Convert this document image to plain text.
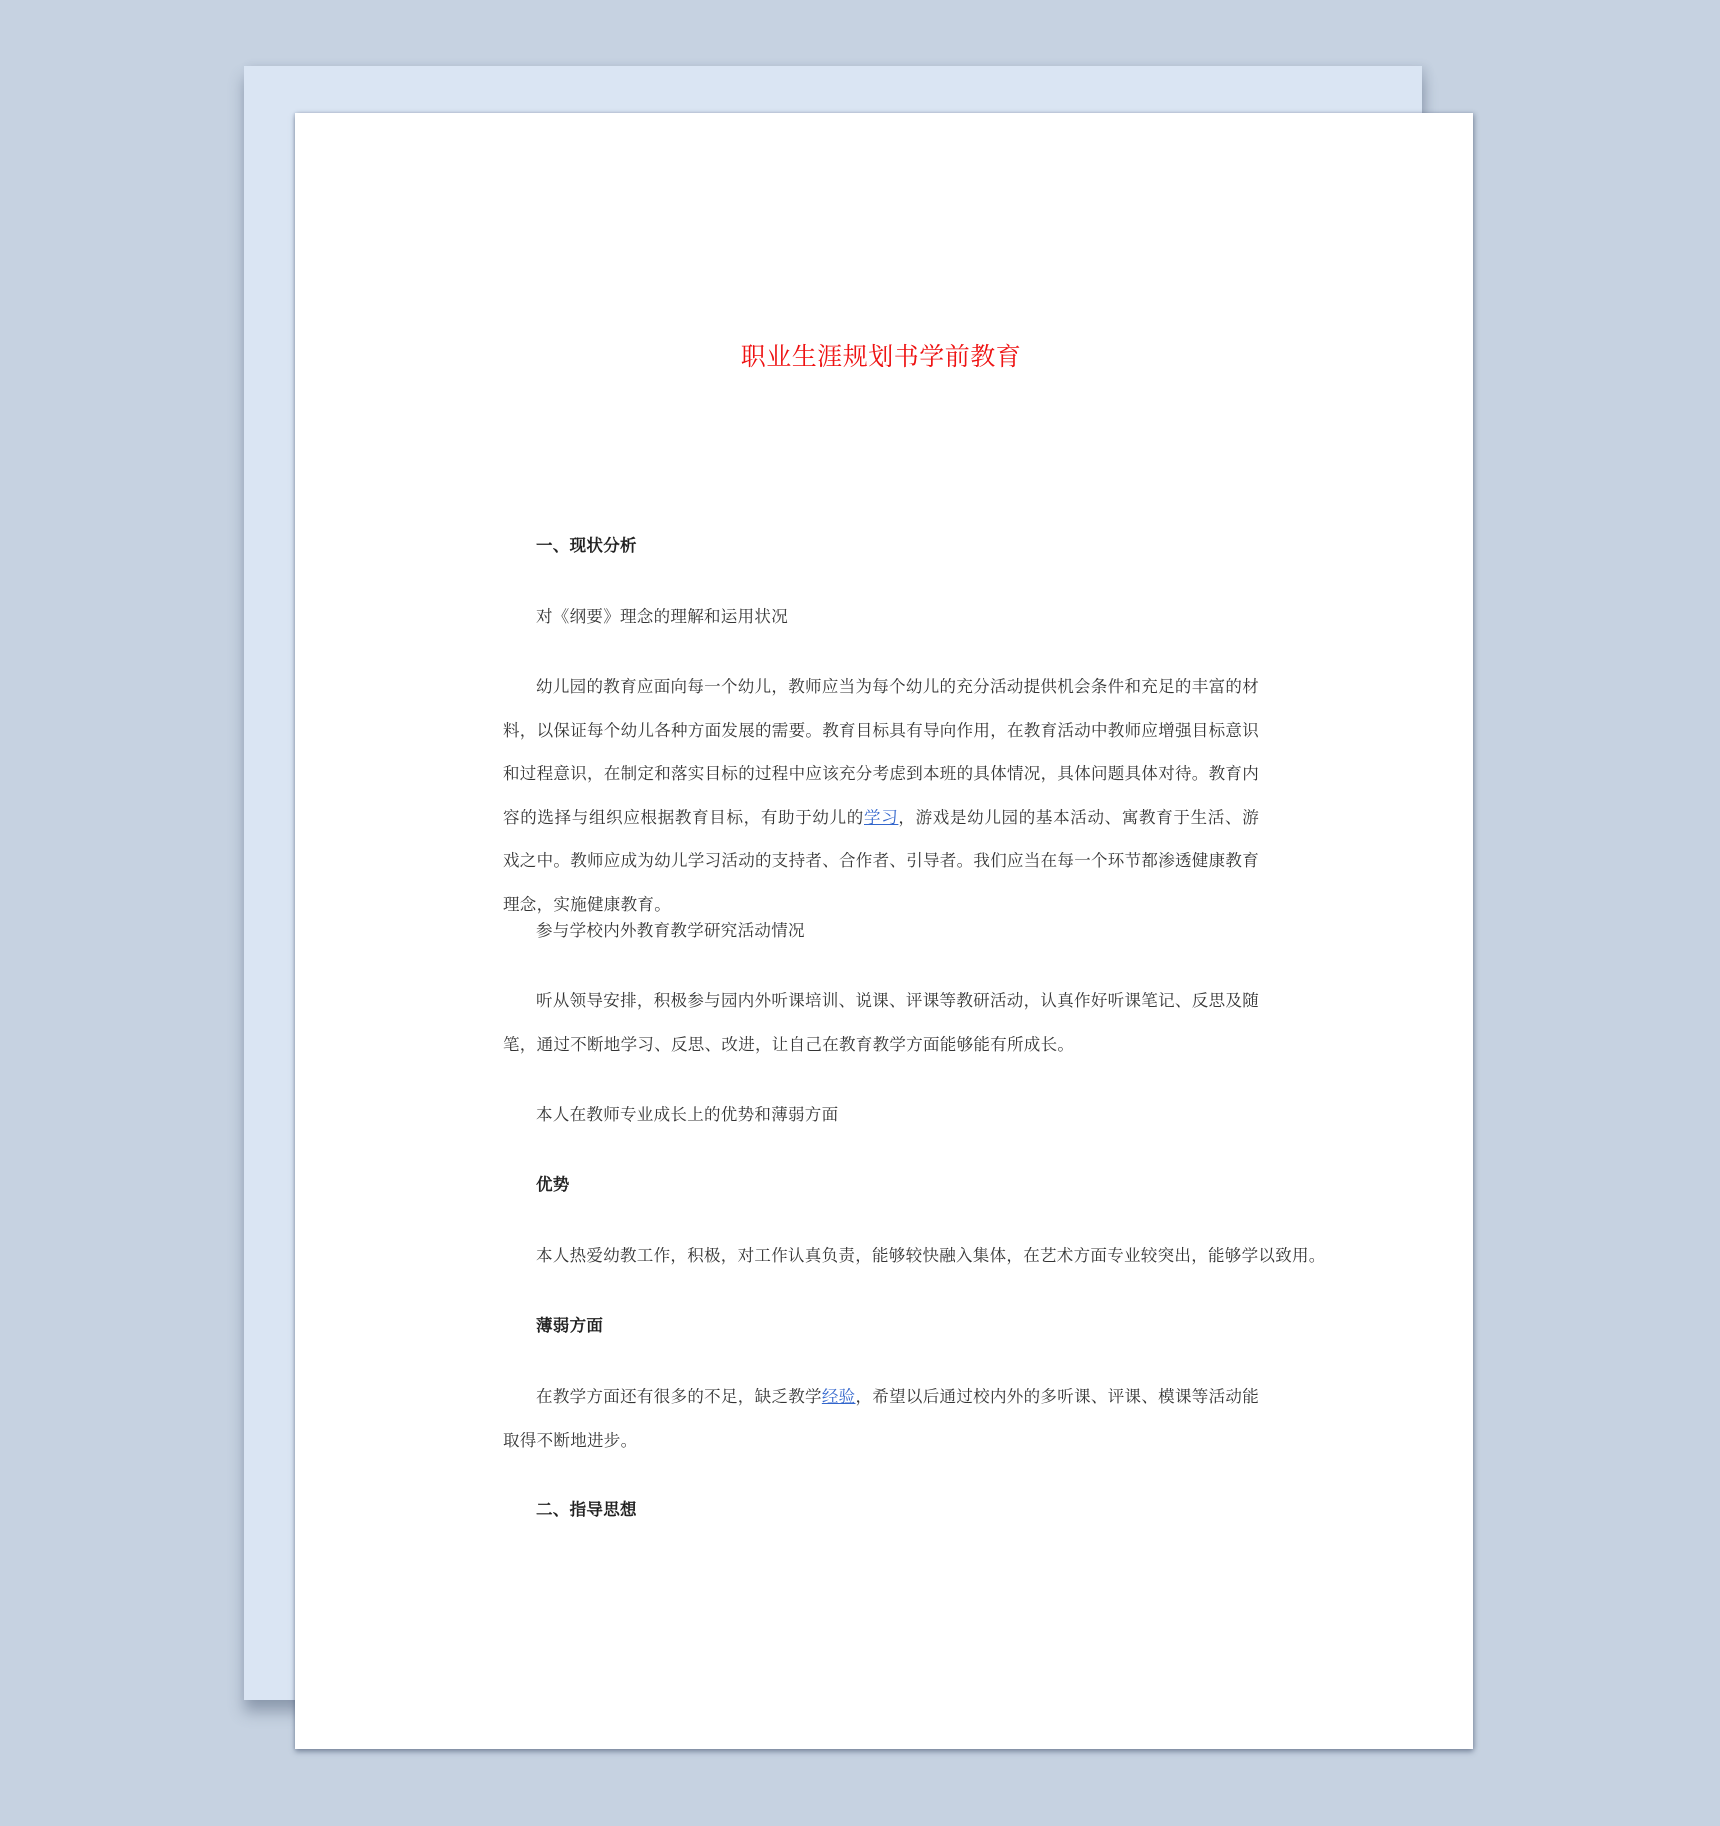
职业生涯规划书学前教育
一、现状分析
对《纲要》理念的理解和运用状况
幼儿园的教育应面向每一个幼儿，教师应当为每个幼儿的充分活动提供机会条件和充足的丰富的材料，以保证每个幼儿各种方面发展的需要。教育目标具有导向作用，在教育活动中教师应增强目标意识和过程意识，在制定和落实目标的过程中应该充分考虑到本班的具体情况，具体问题具体对待。教育内容的选择与组织应根据教育目标，有助于幼儿的学习，游戏是幼儿园的基本活动、寓教育于生活、游戏之中。教师应成为幼儿学习活动的支持者、合作者、引导者。我们应当在每一个环节都渗透健康教育理念，实施健康教育。
参与学校内外教育教学研究活动情况
听从领导安排，积极参与园内外听课培训、说课、评课等教研活动，认真作好听课笔记、反思及随笔，通过不断地学习、反思、改进，让自己在教育教学方面能够能有所成长。
本人在教师专业成长上的优势和薄弱方面
优势
本人热爱幼教工作，积极，对工作认真负责，能够较快融入集体，在艺术方面专业较突出，能够学以致用。
薄弱方面
在教学方面还有很多的不足，缺乏教学经验，希望以后通过校内外的多听课、评课、模课等活动能取得不断地进步。
二、指导思想
